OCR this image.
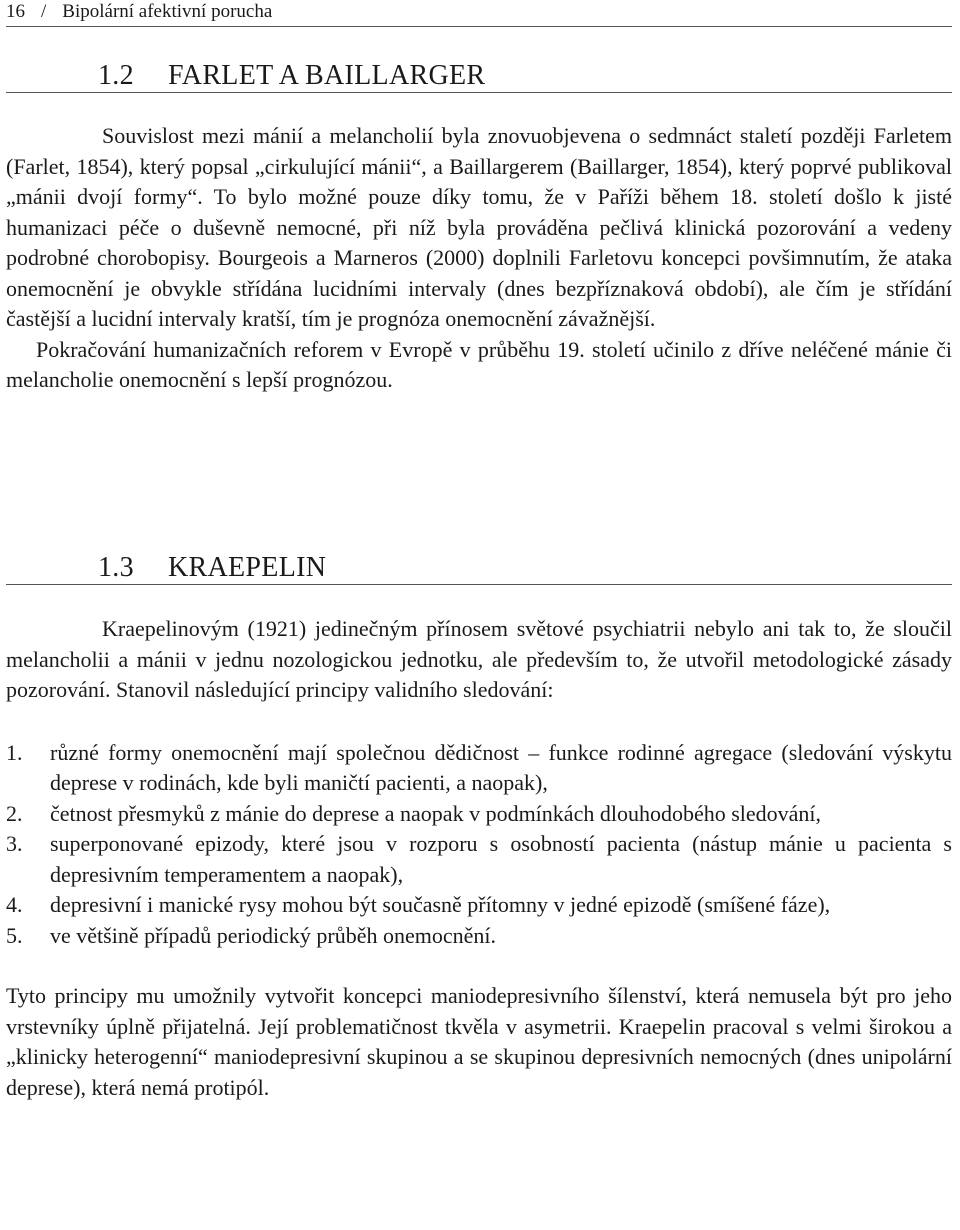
16 / Bipolární afektivní porucha
1.2 FARLET A BAILLARGER

Souvislost mezi mánií a melancholií byla znovuobjevena o sedmnáct staletí později Farletem (Farlet, 1854), který popsal „cirkulující mánii“, a Baillargerem (Baillarger, 1854), který poprvé publikoval „mánii dvojí formy“. To bylo možné pouze díky tomu, že v Paříži během 18. století došlo k jisté humanizaci péče o duševně nemocné, při níž byla prováděna pečlivá klinická pozorování a vedeny podrobné chorobopisy. Bourgeois a Marneros (2000) doplnili Farletovu koncepci povšimnutím, že ataka onemocnění je obvykle střídána lucidními intervaly (dnes bezpříznaková období), ale čím je střídání častější a lucidní intervaly kratší, tím je prognóza onemocnění závažnější.

Pokračování humanizačních reforem v Evropě v průběhu 19. století učinilo z dříve neléčené mánie či melancholie onemocnění s lepší prognózou.

1.3 KRAEPELIN

Kraepelinovým (1921) jedinečným přínosem světové psychiatrii nebylo ani tak to, že sloučil melancholii a mánii v jednu nozologickou jednotku, ale především to, že utvořil metodologické zásady pozorování. Stanovil následující principy validního sledování:

1. různé formy onemocnění mají společnou dědičnost – funkce rodinné agregace (sledování výskytu deprese v rodinách, kde byli maničtí pacienti, a naopak),
2. četnost přesmyků z mánie do deprese a naopak v podmínkách dlouhodobého sledování,
3. superponované epizody, které jsou v rozporu s osobností pacienta (nástup mánie u pacienta s depresivním temperamentem a naopak),
4. depresivní i manické rysy mohou být současně přítomny v jedné epizodě (smíšené fáze),
5. ve většině případů periodický průběh onemocnění.

Tyto principy mu umožnily vytvořit koncepci maniodepresivního šílenství, která nemusela být pro jeho vrstevníky úplně přijatelná. Její problematičnost tkvěla v asymetrii. Kraepelin pracoval s velmi širokou a „klinicky heterogenní“ maniodepresivní skupinou a se skupinou depresivních nemocných (dnes unipolární deprese), která nemá protipól.
